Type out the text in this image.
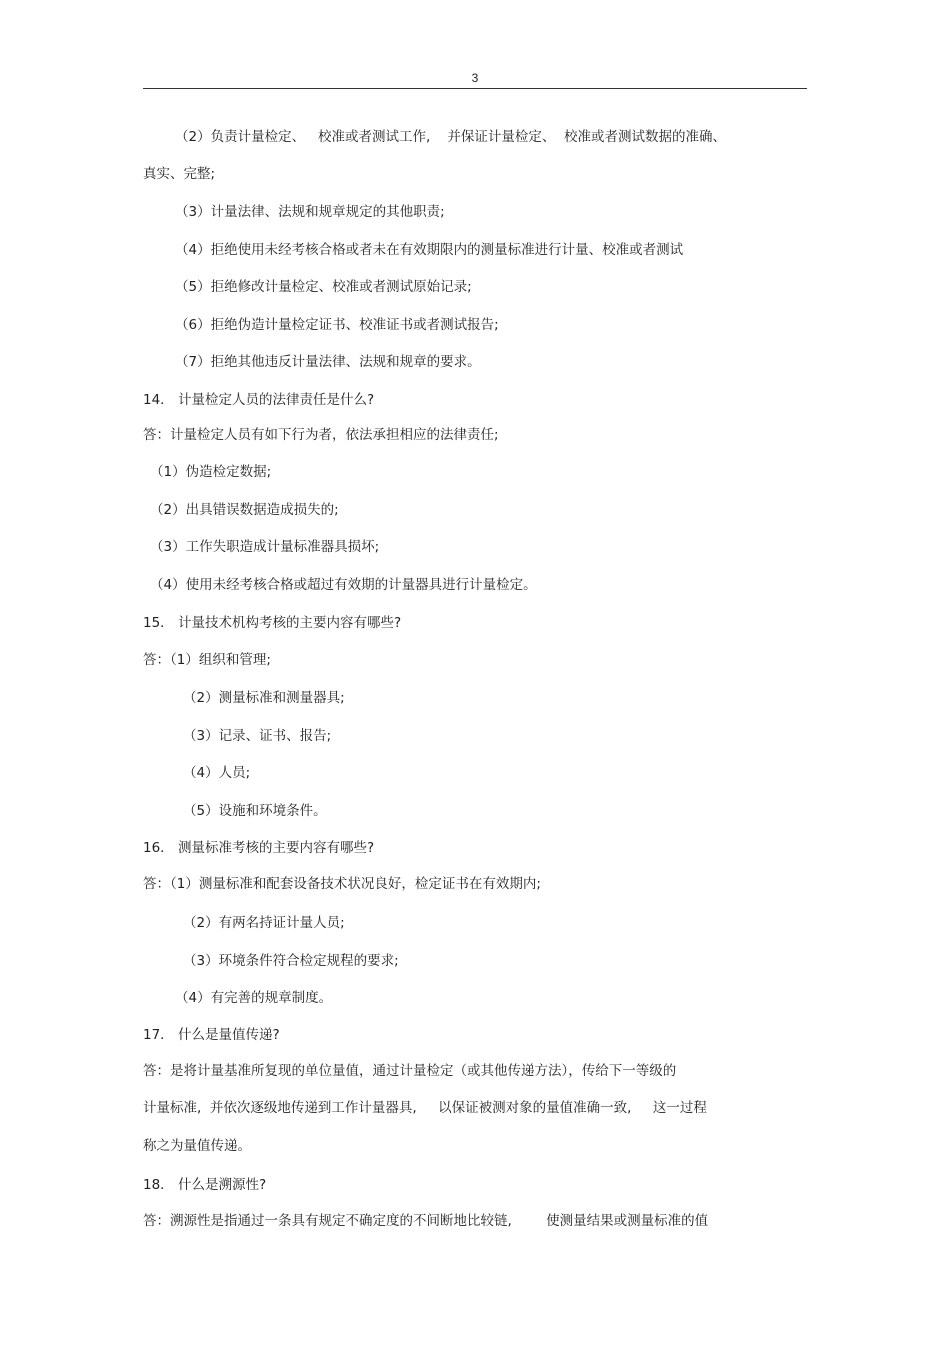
3
（2）负责计量检定、   校准或者测试工作,    并保证计量检定、  校准或者测试数据的准确、
真实、完整;
（3）计量法律、法规和规章规定的其他职责;
（4）拒绝使用未经考核合格或者未在有效期限内的测量标准进行计量、校准或者测试
（5）拒绝修改计量检定、校准或者测试原始记录;
（6）拒绝伪造计量检定证书、校准证书或者测试报告;
（7）拒绝其他违反计量法律、法规和规章的要求。
14． 计量检定人员的法律责任是什么?
答：计量检定人员有如下行为者，依法承担相应的法律责任;
（1）伪造检定数据;
（2）出具错误数据造成损失的;
（3）工作失职造成计量标准器具损坏;
（4）使用未经考核合格或超过有效期的计量器具进行计量检定。
15． 计量技术机构考核的主要内容有哪些?
答：（1）组织和管理;
（2）测量标准和测量器具;
（3）记录、证书、报告;
（4）人员;
（5）设施和环境条件。
16． 测量标准考核的主要内容有哪些?
答：（1）测量标准和配套设备技术状况良好，检定证书在有效期内;
（2）有两名持证计量人员;
（3）环境条件符合检定规程的要求;
（4）有完善的规章制度。
17． 什么是量值传递?
答：是将计量基准所复现的单位量值，通过计量检定（或其他传递方法），传给下一等级的
计量标准,  并依次逐级地传递到工作计量器具,     以保证被测对象的量值准确一致,     这一过程
称之为量值传递。
18． 什么是溯源性?
答：溯源性是指通过一条具有规定不确定度的不间断地比较链,        使测量结果或测量标准的值
